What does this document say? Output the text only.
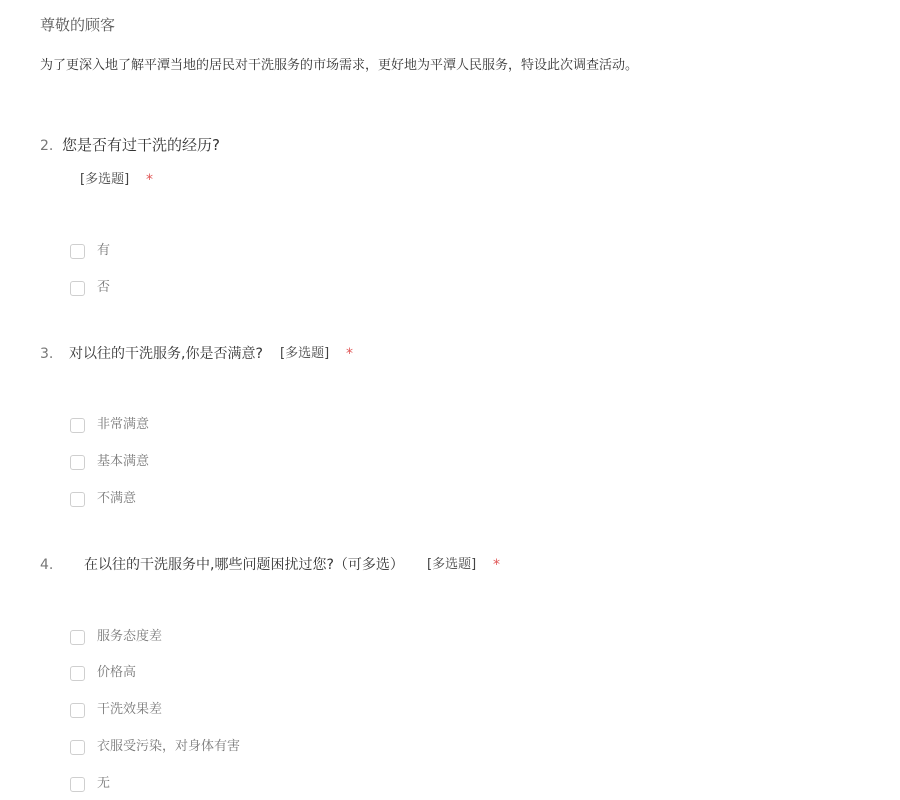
尊敬的顾客
为了更深入地了解平潭当地的居民对干洗服务的市场需求，更好地为平潭人民服务，特设此次调查活动。
2. 您是否有过干洗的经历?
[多选题] *
有
否
3. 对以往的干洗服务,你是否满意? [多选题] *
非常满意
基本满意
不满意
4. 在以往的干洗服务中,哪些问题困扰过您?（可多选） [多选题] *
服务态度差
价格高
干洗效果差
衣服受污染，对身体有害
无
